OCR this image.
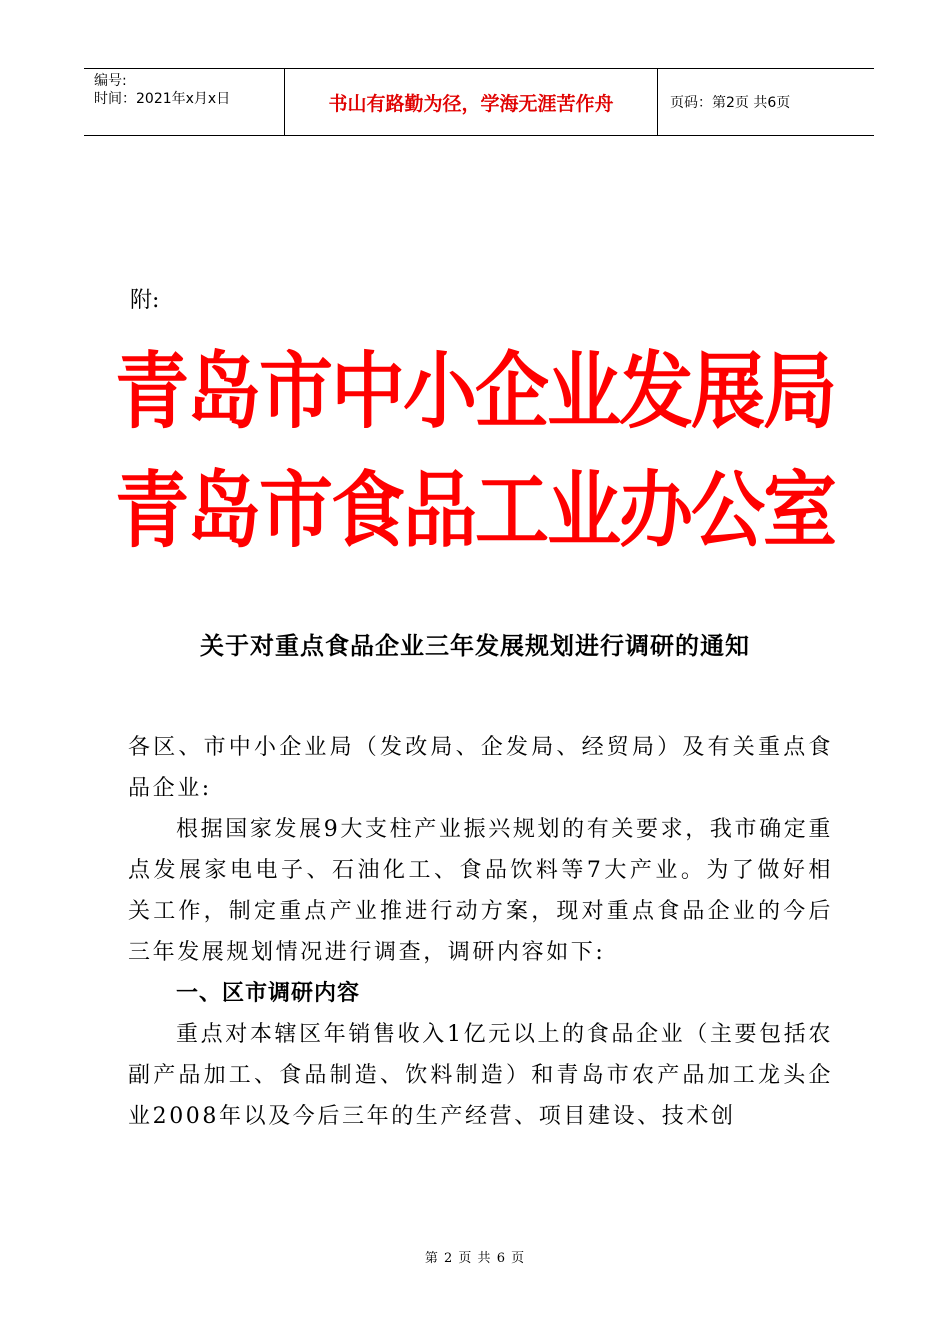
编号:
时间：2021年x月x日	书山有路勤为径，学海无涯苦作舟	页码：第2页 共6页
附:
青岛市中小企业发展局
青岛市食品工业办公室
关于对重点食品企业三年发展规划进行调研的通知

各区、市中小企业局（发改局、企发局、经贸局）及有关重点食品企业:

根据国家发展9大支柱产业振兴规划的有关要求，我市确定重点发展家电电子、石油化工、食品饮料等7大产业。为了做好相关工作，制定重点产业推进行动方案，现对重点食品企业的今后三年发展规划情况进行调查，调研内容如下:

一、区市调研内容

重点对本辖区年销售收入1亿元以上的食品企业（主要包括农副产品加工、食品制造、饮料制造）和青岛市农产品加工龙头企业2008年以及今后三年的生产经营、项目建设、技术创

第 2 页 共 6 页
